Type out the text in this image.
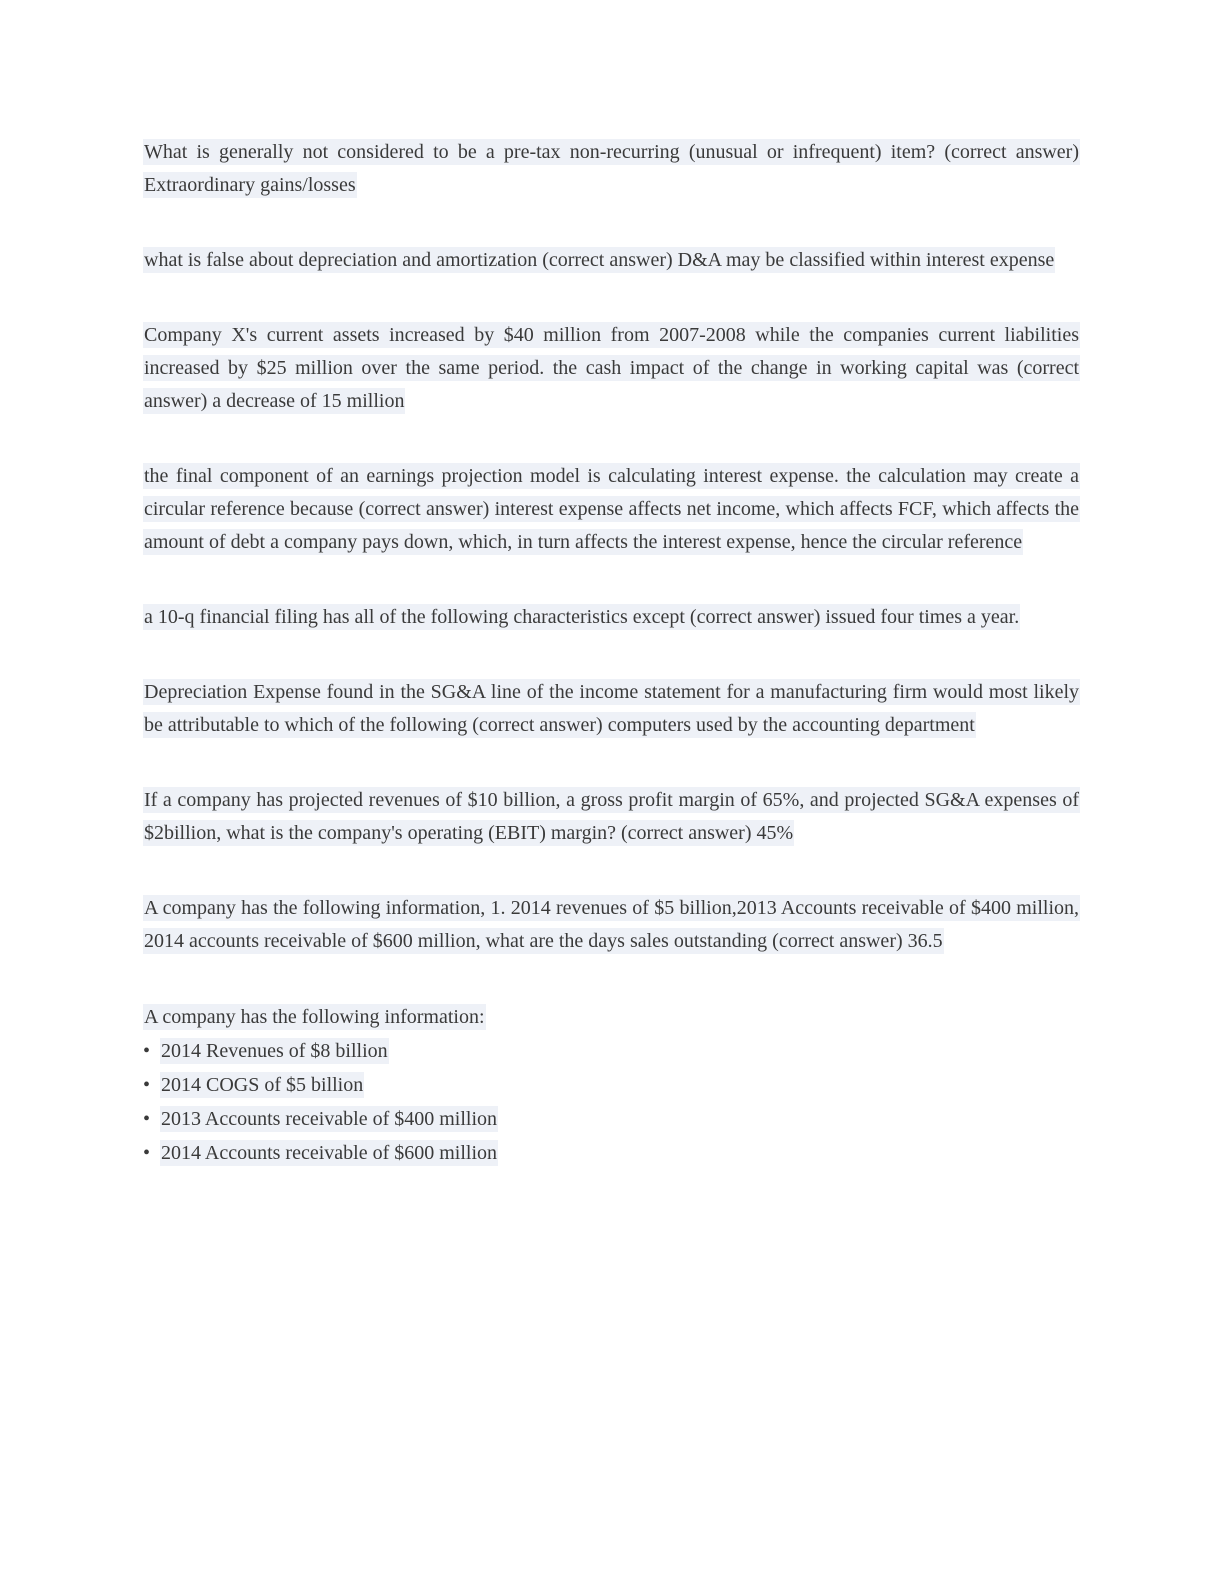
What is generally not considered to be a pre-tax non-recurring (unusual or infrequent) item? (correct answer) Extraordinary gains/losses

what is false about depreciation and amortization (correct answer) D&A may be classified within interest expense

Company X's current assets increased by $40 million from 2007-2008 while the companies current liabilities increased by $25 million over the same period. the cash impact of the change in working capital was (correct answer) a decrease of 15 million

the final component of an earnings projection model is calculating interest expense. the calculation may create a circular reference because (correct answer) interest expense affects net income, which affects FCF, which affects the amount of debt a company pays down, which, in turn affects the interest expense, hence the circular reference

a 10-q financial filing has all of the following characteristics except (correct answer) issued four times a year.

Depreciation Expense found in the SG&A line of the income statement for a manufacturing firm would most likely be attributable to which of the following (correct answer) computers used by the accounting department

If a company has projected revenues of $10 billion, a gross profit margin of 65%, and projected SG&A expenses of $2billion, what is the company's operating (EBIT) margin? (correct answer) 45%

A company has the following information, 1. 2014 revenues of $5 billion,2013 Accounts receivable of $400 million, 2014 accounts receivable of $600 million, what are the days sales outstanding (correct answer) 36.5

A company has the following information:

• 2014 Revenues of $8 billion

• 2014 COGS of $5 billion

• 2013 Accounts receivable of $400 million

• 2014 Accounts receivable of $600 million
